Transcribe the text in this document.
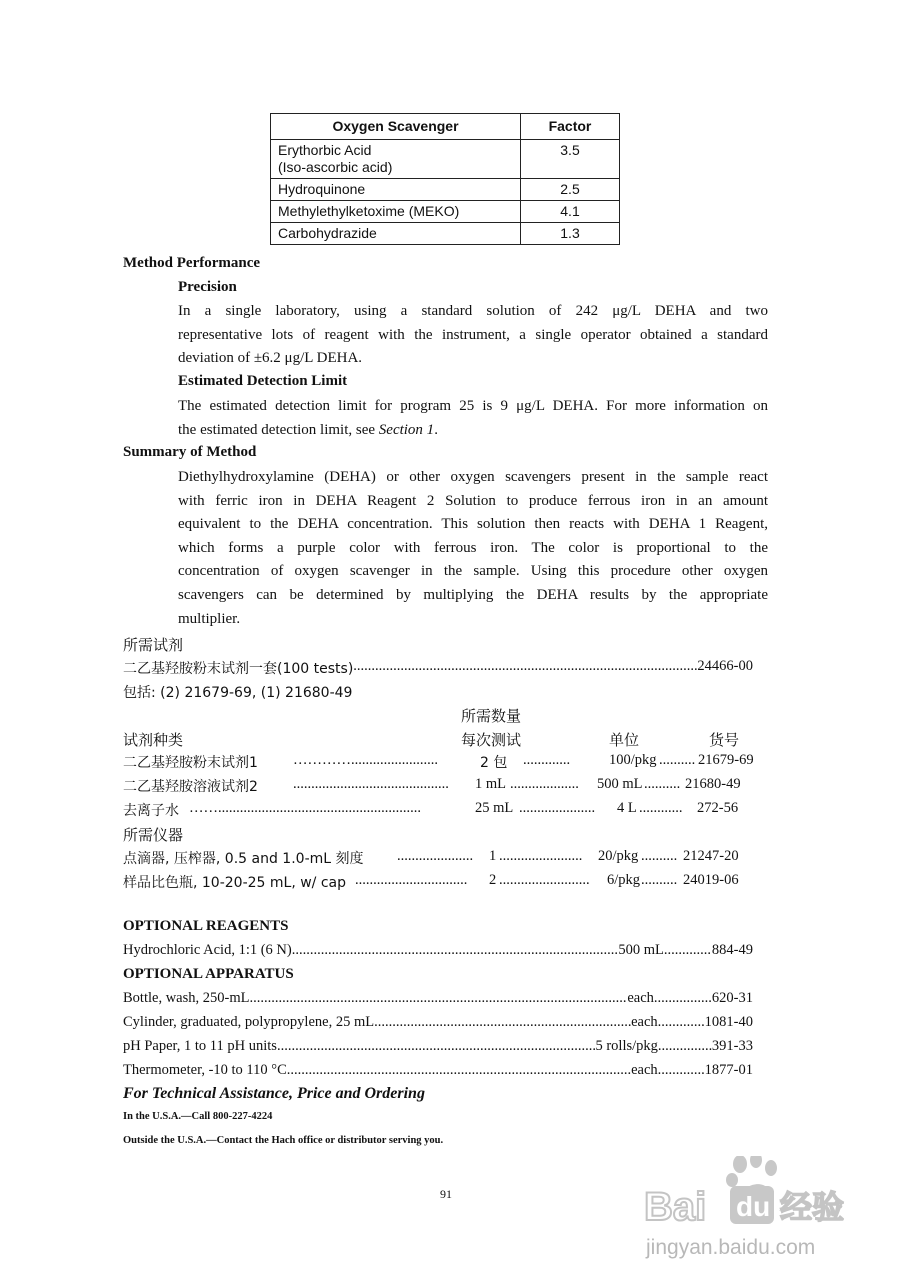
Oxygen Scavenger	Factor
Erythorbic Acid
(Iso-ascorbic acid)	3.5
Hydroquinone	2.5
Methylethylketoxime (MEKO)	4.1
Carbohydrazide	1.3
Method Performance
Precision
In a single laboratory, using a standard solution of 242 μg/L DEHA and two
representative lots of reagent with the instrument, a single operator obtained a standard
deviation of ±6.2 μg/L DEHA.
Estimated Detection Limit
The estimated detection limit for program 25 is 9 μg/L DEHA. For more information on
the estimated detection limit, see Section 1.
Summary of Method
Diethylhydroxylamine (DEHA) or other oxygen scavengers present in the sample react
with ferric iron in DEHA Reagent 2 Solution to produce ferrous iron in an amount
equivalent to the DEHA concentration. This solution then reacts with DEHA 1 Reagent,
which forms a purple color with ferrous iron. The color is proportional to the
concentration of oxygen scavenger in the sample. Using this procedure other oxygen
scavengers can be determined by multiplying the DEHA results by the appropriate
multiplier.
所需试剂
二乙基羟胺粉末试剂一套(100 tests) .....	24466-00
包括: (2) 21679-69, (1) 21680-49
所需数量
试剂种类	每次测试	单位	货号
二乙基羟胺粉末试剂1 …………........................	2 包 .............	100/pkg .......... 21679-69
二乙基羟胺溶液试剂2 ........................................... 1 mL ................... 500 mL .......... 21680-49
去离子水 ……........................................................	25 mL ..................... 4 L ............ 272-56
所需仪器
点滴器, 压榨器, 0.5 and 1.0-mL 刻度 ..................... 1 ....................... 20/pkg .......... 21247-20
样品比色瓶, 10-20-25 mL, w/ cap ............................... 2 ......................... 6/pkg .......... 24019-06
OPTIONAL REAGENTS
Hydrochloric Acid, 1:1 (6 N) .....	500 mL ............. 884-49
OPTIONAL APPARATUS
Bottle, wash, 250-mL .....	each ................ 620-31
Cylinder, graduated, polypropylene, 25 mL .....	each ............. 1081-40
pH Paper, 1 to 11 pH units .....	5 rolls/pkg ............... 391-33
Thermometer, -10 to 110 °C .....	each ............. 1877-01
For Technical Assistance, Price and Ordering
In the U.S.A.—Call 800-227-4224
Outside the U.S.A.—Contact the Hach office or distributor serving you.
91	Bai du 经验
jingyan.baidu.com
